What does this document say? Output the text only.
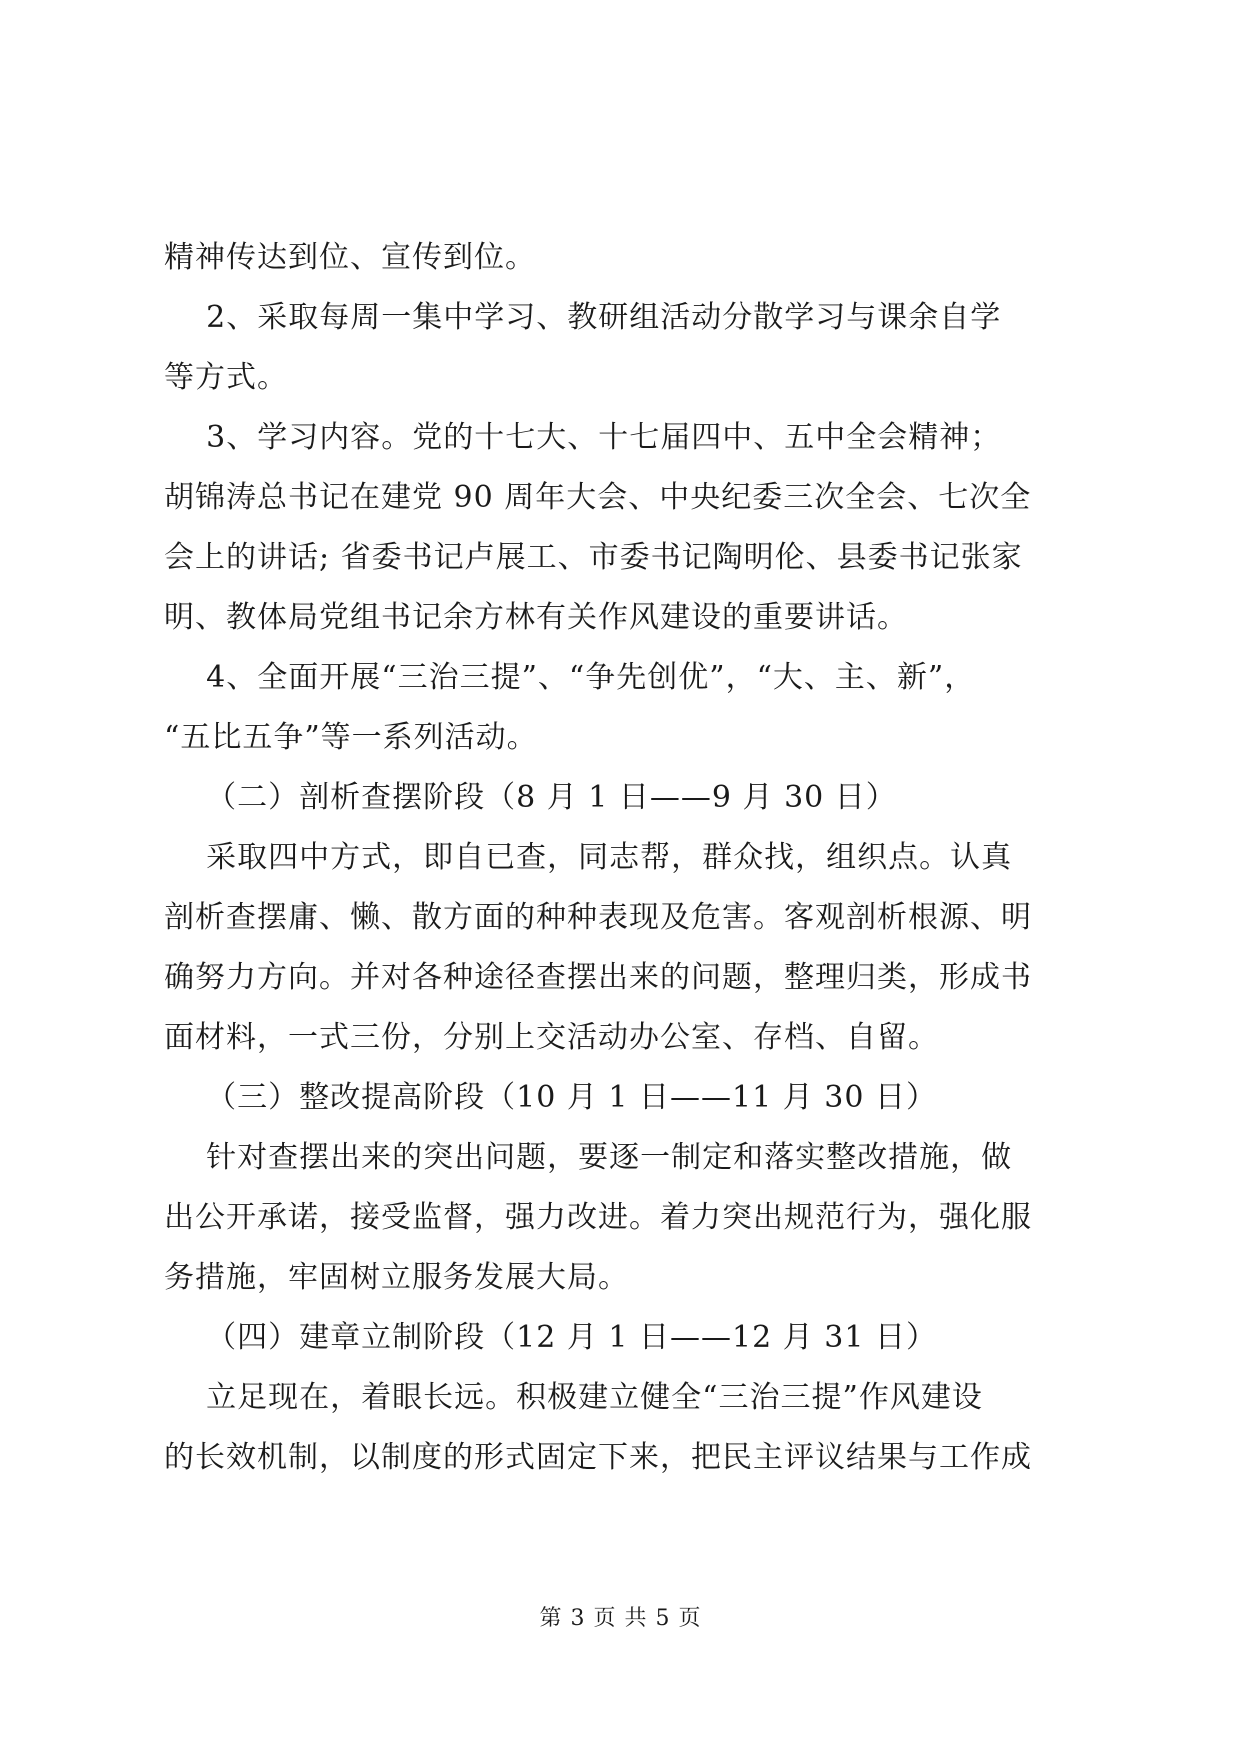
精神传达到位、宣传到位。
2、采取每周一集中学习、教研组活动分散学习与课余自学
等方式。
3、学习内容。党的十七大、十七届四中、五中全会精神；
胡锦涛总书记在建党 90 周年大会、中央纪委三次全会、七次全
会上的讲话; 省委书记卢展工、市委书记陶明伦、县委书记张家
明、教体局党组书记余方林有关作风建设的重要讲话。
4、全面开展“三治三提”、“争先创优”，“大、主、新”，
“五比五争”等一系列活动。
（二）剖析查摆阶段（8 月 1 日——9 月 30 日）
采取四中方式，即自已查，同志帮，群众找，组织点。认真
剖析查摆庸、懒、散方面的种种表现及危害。客观剖析根源、明
确努力方向。并对各种途径查摆出来的问题，整理归类，形成书
面材料，一式三份，分别上交活动办公室、存档、自留。
（三）整改提高阶段（10 月 1 日——11 月 30 日）
针对查摆出来的突出问题，要逐一制定和落实整改措施，做
出公开承诺，接受监督，强力改进。着力突出规范行为，强化服
务措施，牢固树立服务发展大局。
（四）建章立制阶段（12 月 1 日——12 月 31 日）
立足现在，着眼长远。积极建立健全“三治三提”作风建设
的长效机制，以制度的形式固定下来，把民主评议结果与工作成
第 3 页 共 5 页
